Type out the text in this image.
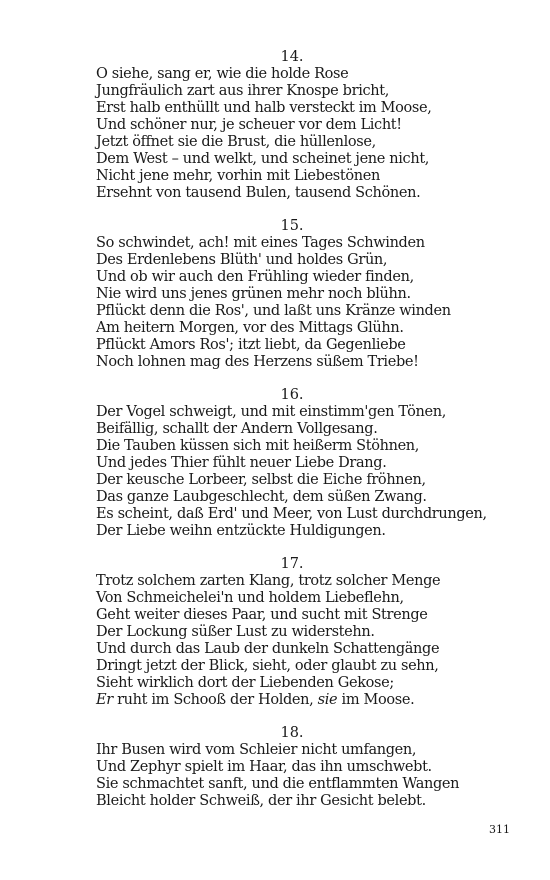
14.
O siehe, sang er, wie die holde Rose
Jungfräulich zart aus ihrer Knospe bricht,
Erst halb enthüllt und halb versteckt im Moose,
Und schöner nur, je scheuer vor dem Licht!
Jetzt öffnet sie die Brust, die hüllenlose,
Dem West – und welkt, und scheinet jene nicht,
Nicht jene mehr, vorhin mit Liebestönen
Ersehnt von tausend Bulen, tausend Schönen.
15.
So schwindet, ach! mit eines Tages Schwinden
Des Erdenlebens Blüth' und holdes Grün,
Und ob wir auch den Frühling wieder finden,
Nie wird uns jenes grünen mehr noch blühn.
Pflückt denn die Ros', und laßt uns Kränze winden
Am heitern Morgen, vor des Mittags Glühn.
Pflückt Amors Ros'; itzt liebt, da Gegenliebe
Noch lohnen mag des Herzens süßem Triebe!
16.
Der Vogel schweigt, und mit einstimm'gen Tönen,
Beifällig, schallt der Andern Vollgesang.
Die Tauben küssen sich mit heißerm Stöhnen,
Und jedes Thier fühlt neuer Liebe Drang.
Der keusche Lorbeer, selbst die Eiche fröhnen,
Das ganze Laubgeschlecht, dem süßen Zwang.
Es scheint, daß Erd' und Meer, von Lust durchdrungen,
Der Liebe weihn entzückte Huldigungen.
17.
Trotz solchem zarten Klang, trotz solcher Menge
Von Schmeichelei'n und holdem Liebeflehn,
Geht weiter dieses Paar, und sucht mit Strenge
Der Lockung süßer Lust zu widerstehn.
Und durch das Laub der dunkeln Schattengänge
Dringt jetzt der Blick, sieht, oder glaubt zu sehn,
Sieht wirklich dort der Liebenden Gekose;
Er ruht im Schooß der Holden, sie im Moose.
18.
Ihr Busen wird vom Schleier nicht umfangen,
Und Zephyr spielt im Haar, das ihn umschwebt.
Sie schmachtet sanft, und die entflammten Wangen
Bleicht holder Schweiß, der ihr Gesicht belebt.
311
